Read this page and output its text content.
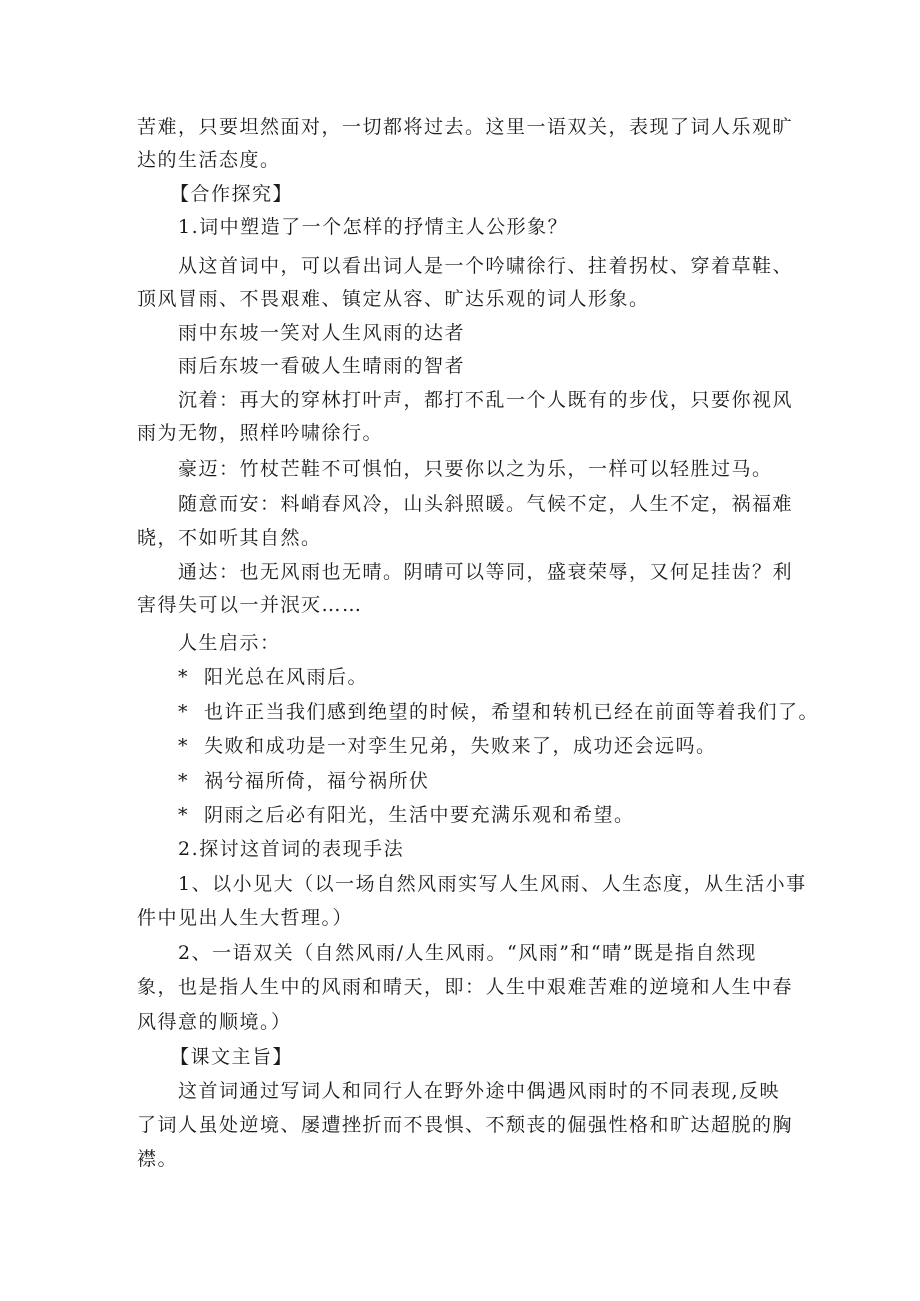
苦难，只要坦然面对，一切都将过去。这里一语双关，表现了词人乐观旷
达的生活态度。
【合作探究】
1.词中塑造了一个怎样的抒情主人公形象？
从这首词中，可以看出词人是一个吟啸徐行、拄着拐杖、穿着草鞋、
顶风冒雨、不畏艰难、镇定从容、旷达乐观的词人形象。
雨中东坡一笑对人生风雨的达者
雨后东坡一看破人生晴雨的智者
沉着：再大的穿林打叶声，都打不乱一个人既有的步伐，只要你视风
雨为无物，照样吟啸徐行。
豪迈：竹杖芒鞋不可惧怕，只要你以之为乐，一样可以轻胜过马。
随意而安：料峭春风冷，山头斜照暖。气候不定，人生不定，祸福难
晓，不如听其自然。
通达：也无风雨也无晴。阴晴可以等同，盛衰荣辱，又何足挂齿？利
害得失可以一并泯灭……
人生启示：
* 阳光总在风雨后。
* 也许正当我们感到绝望的时候，希望和转机已经在前面等着我们了。
* 失败和成功是一对孪生兄弟，失败来了，成功还会远吗。
* 祸兮福所倚，福兮祸所伏
* 阴雨之后必有阳光，生活中要充满乐观和希望。
2.探讨这首词的表现手法
1、以小见大（以一场自然风雨实写人生风雨、人生态度，从生活小事
件中见出人生大哲理。）
2、一语双关（自然风雨/人生风雨。“风雨”和“晴”既是指自然现
象，也是指人生中的风雨和晴天，即：人生中艰难苦难的逆境和人生中春
风得意的顺境。）
【课文主旨】
这首词通过写词人和同行人在野外途中偶遇风雨时的不同表现,反映
了词人虽处逆境、屡遭挫折而不畏惧、不颓丧的倔强性格和旷达超脱的胸
襟。
